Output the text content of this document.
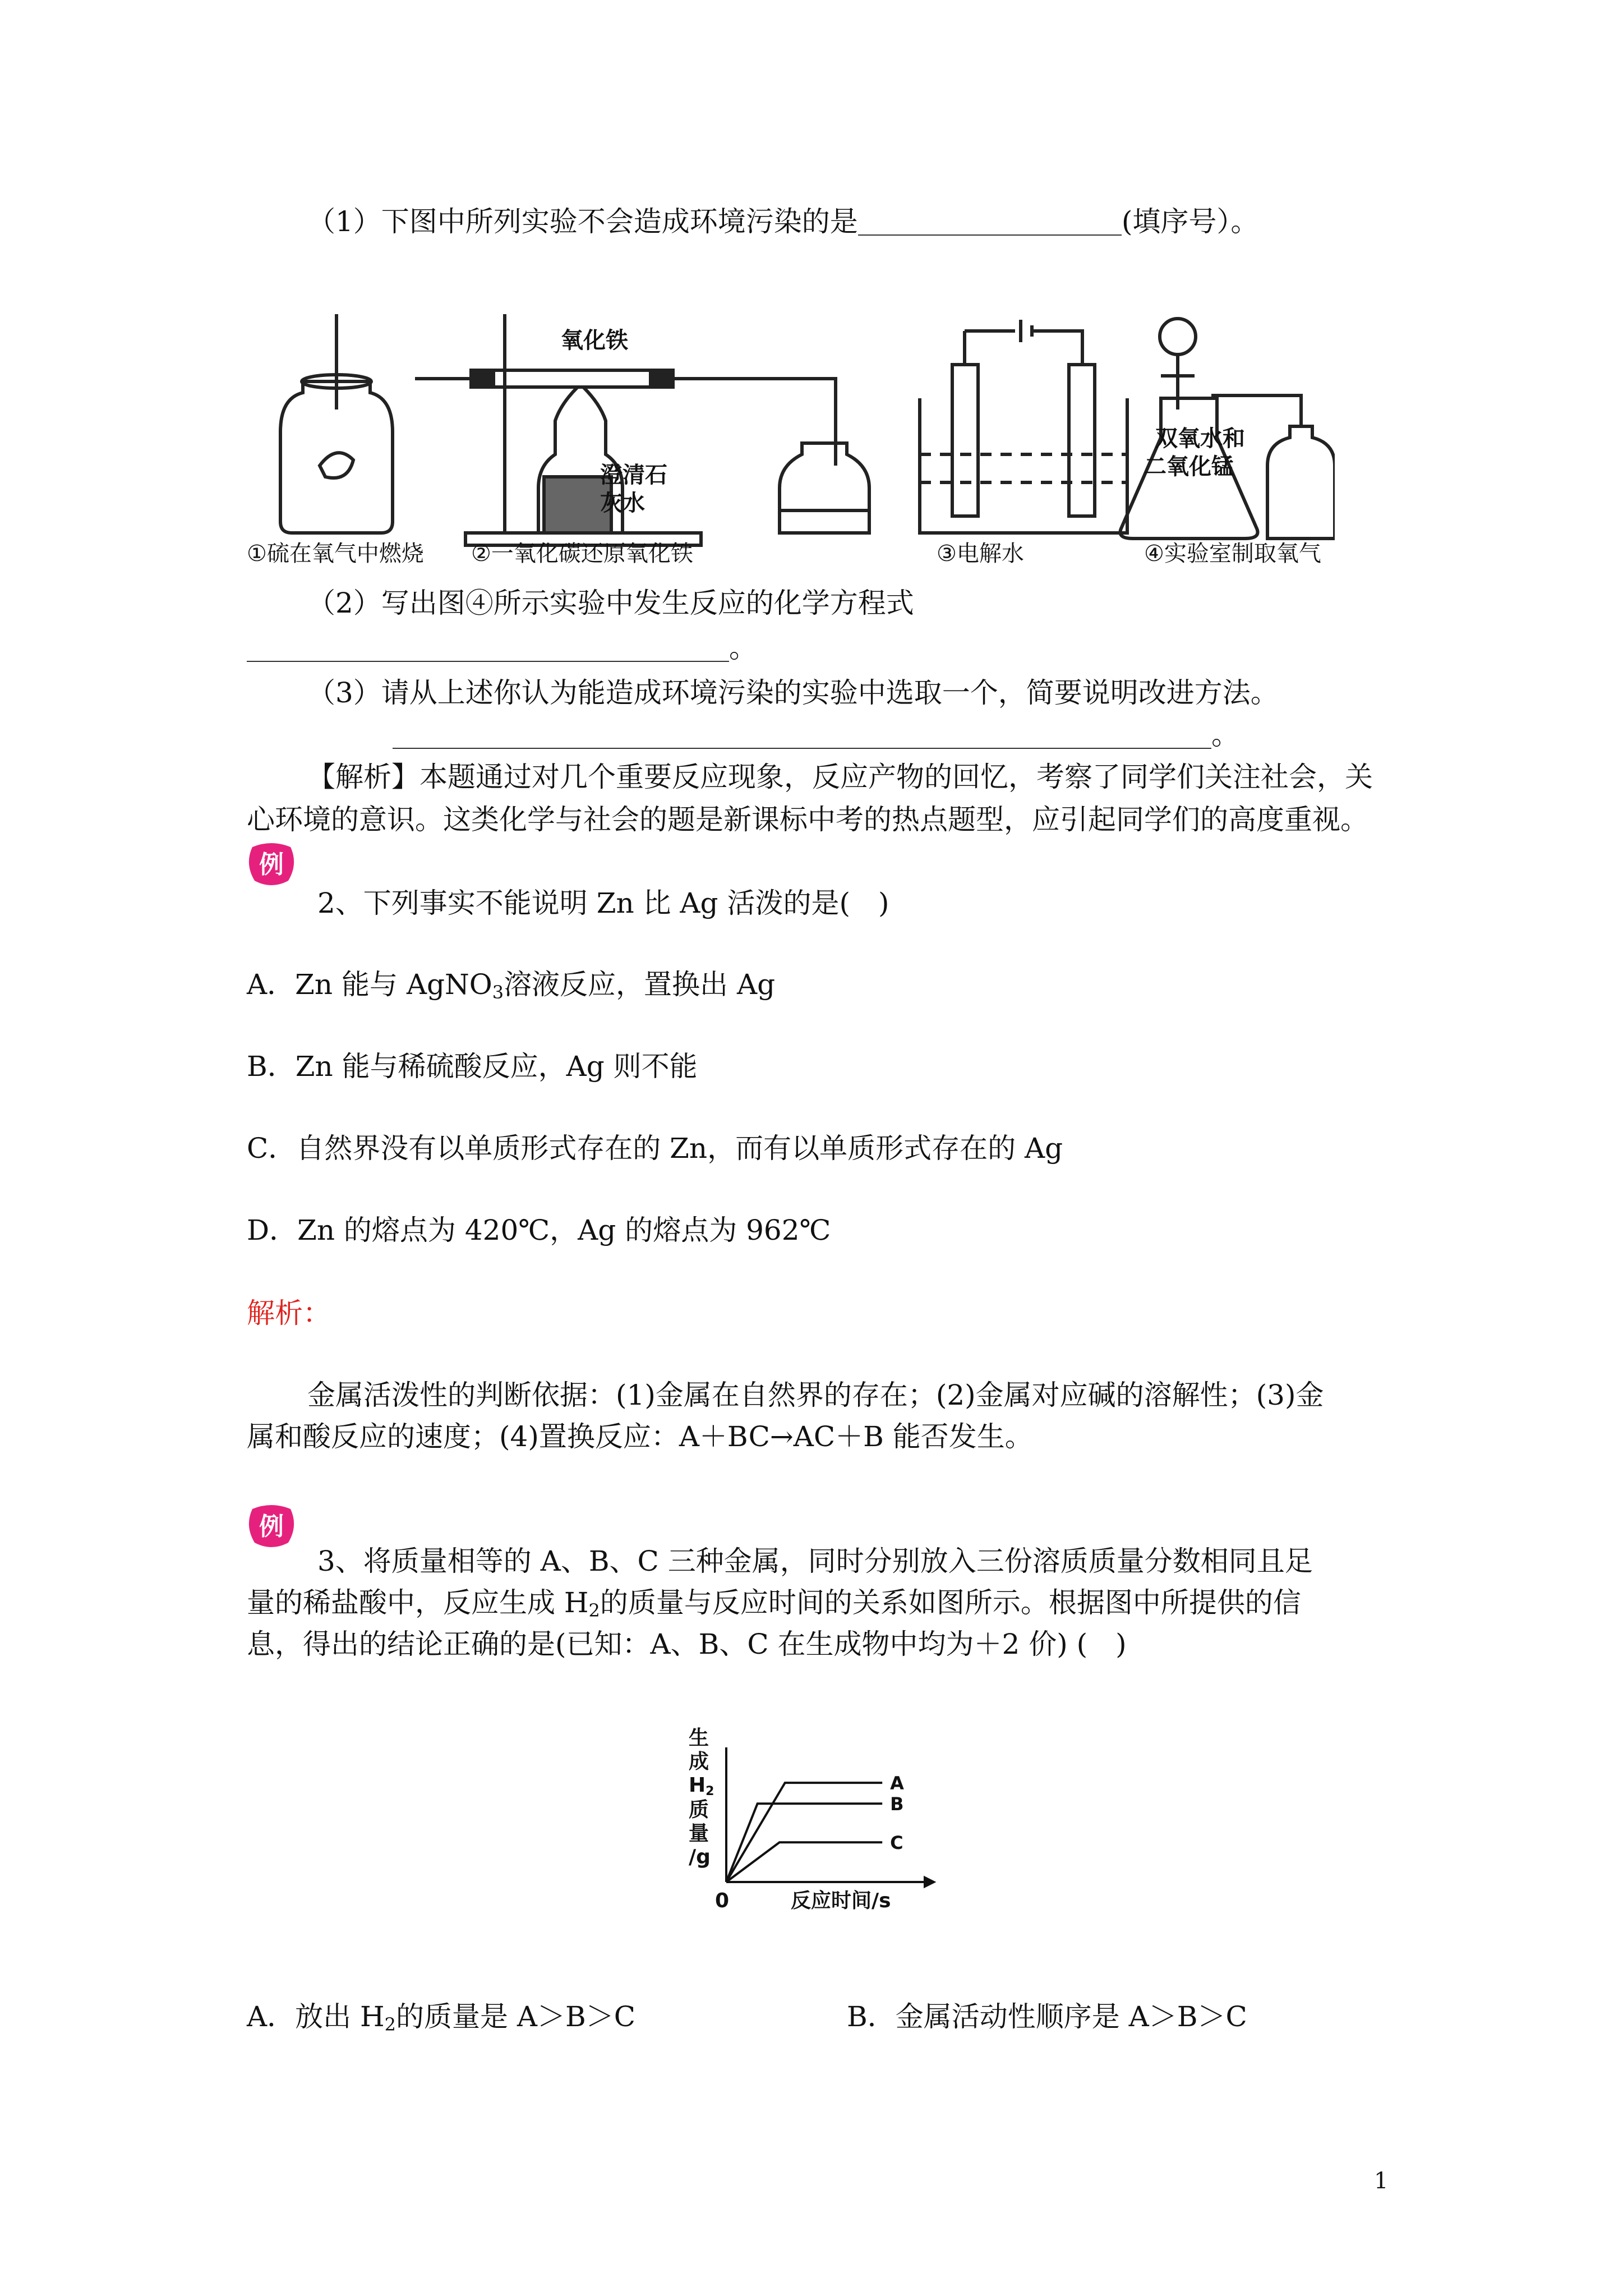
（1）下图中所列实验不会造成环境污染的是	(填序号）。
氧化铁
澄清石
灰水
双氧水和
二氧化锰
①硫在氧气中燃烧 ②一氧化碳还原氧化铁	③电解水	④实验室制取氧气
（2）写出图④所示实验中发生反应的化学方程式
。
（3）请从上述你认为能造成环境污染的实验中选取一个，简要说明改进方法。
。
【解析】本题通过对几个重要反应现象，反应产物的回忆，考察了同学们关注社会，关
心环境的意识。这类化学与社会的题是新课标中考的热点题型，应引起同学们的高度重视。
例
2、下列事实不能说明 Zn 比 Ag 活泼的是(　)
A．Zn 能与 AgNO$_3$溶液反应，置换出 Ag
B．Zn 能与稀硫酸反应，Ag 则不能
C．自然界没有以单质形式存在的 Zn，而有以单质形式存在的 Ag
D．Zn 的熔点为 420℃，Ag 的熔点为 962℃
解析：
金属活泼性的判断依据：(1)金属在自然界的存在；(2)金属对应碱的溶解性；(3)金
属和酸反应的速度；(4)置换反应：A＋BC→AC＋B 能否发生。
例
3、将质量相等的 A、B、C 三种金属，同时分别放入三份溶质质量分数相同且足
量的稀盐酸中，反应生成 $H_2$的质量与反应时间的关系如图所示。根据图中所提供的信
息，得出的结论正确的是(已知：A、B、C 在生成物中均为＋2 价) (　)
生
成
H2
质
量
/g
0	反应时间/s
A
B
C
A．放出 $H_2$的质量是 A＞B＞C	B．金属活动性顺序是 A＞B＞C
1
